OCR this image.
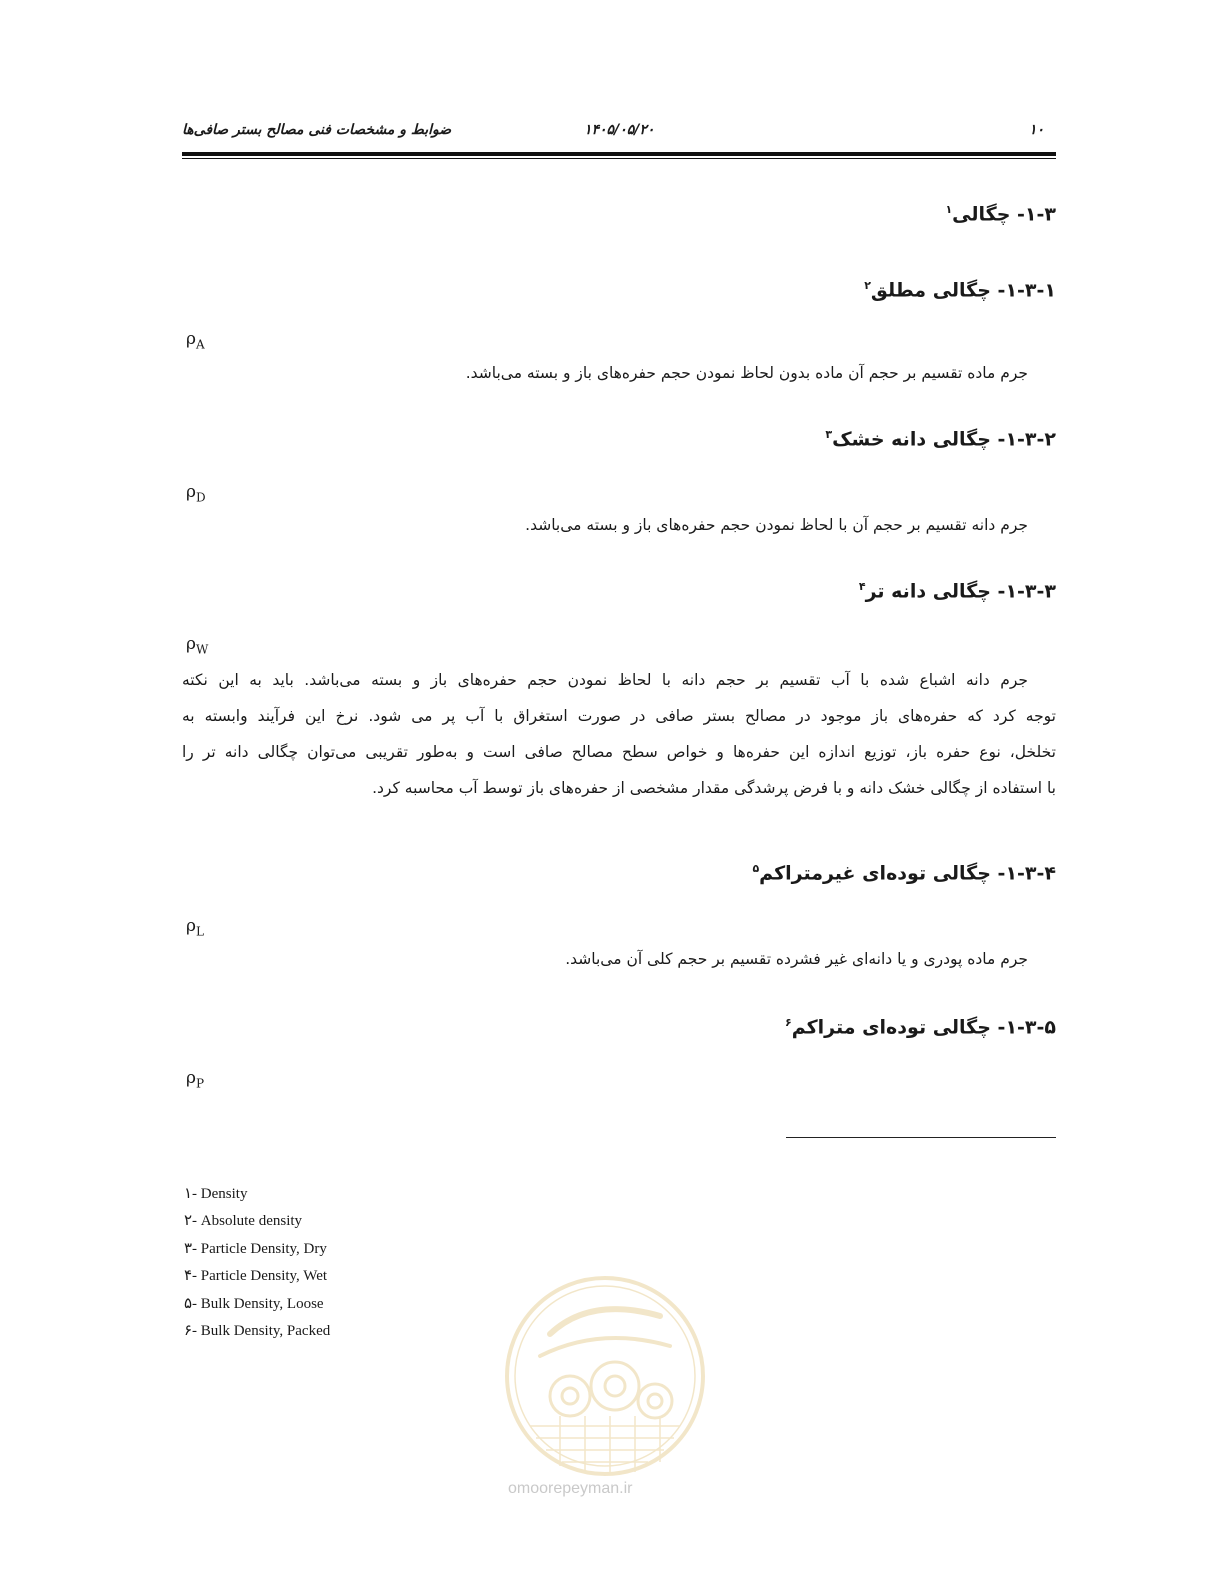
۱۰
۱۴۰۵/۰۵/۲۰
ضوابط و مشخصات فنی مصالح بستر صافی‌ها
۱-۳- چگالی$^۱$
۱-۳-۱- چگالی مطلق$^۲$
$\rho_A$
جرم ماده تقسیم بر حجم آن ماده بدون لحاظ نمودن حجم حفره‌های باز و بسته می‌باشد.
۱-۳-۲- چگالی دانه خشک$^۳$
$\rho_D$
جرم دانه تقسیم بر حجم آن با لحاظ نمودن حجم حفره‌های باز و بسته می‌باشد.
۱-۳-۳- چگالی دانه تر$^۴$
$\rho_W$
جرم دانه اشباع شده با آب تقسیم بر حجم دانه با لحاظ نمودن حجم حفره‌های باز و بسته می‌باشد. باید به این نکته
توجه کرد که حفره‌های باز موجود در مصالح بستر صافی در صورت استغراق با آب پر می شود. نرخ این فرآیند وابسته به
تخلخل، نوع حفره باز، توزیع اندازه این حفره‌ها و خواص سطح مصالح صافی است و به‌طور تقریبی می‌توان چگالی دانه تر را
با استفاده از چگالی خشک دانه و با فرض پرشدگی مقدار مشخصی از حفره‌های باز توسط آب محاسبه کرد.
۱-۳-۴- چگالی توده‌ای غیرمتراکم$^۵$
$\rho_L$
جرم ماده پودری و یا دانه‌ای غیر فشرده تقسیم بر حجم کلی آن می‌باشد.
۱-۳-۵- چگالی توده‌ای متراکم$^۶$
$\rho_P$
۱- Density
۲- Absolute density
۳- Particle Density, Dry
۴- Particle Density, Wet
۵- Bulk Density, Loose
۶- Bulk Density, Packed
omoorepeyman.ir
